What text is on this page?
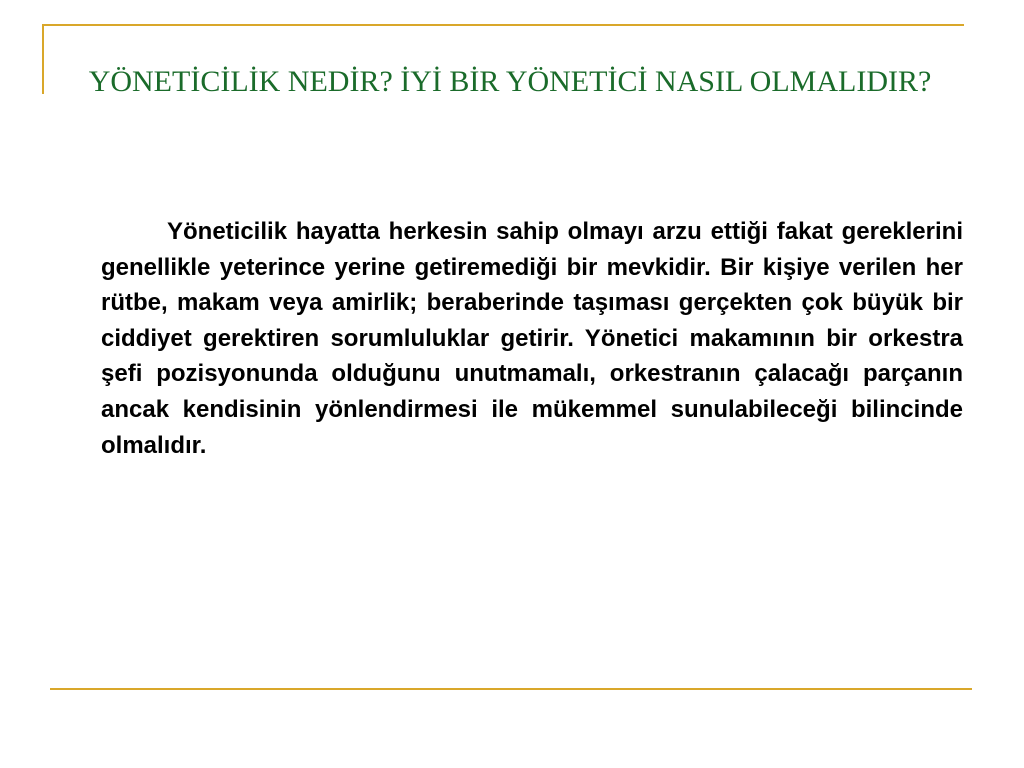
YÖNETİCİLİK NEDİR? İYİ BİR YÖNETİCİ NASIL OLMALIDIR?

Yöneticilik hayatta herkesin sahip olmayı arzu ettiği fakat gereklerini genellikle yeterince yerine getiremediği bir mevkidir. Bir kişiye verilen her rütbe, makam veya amirlik; beraberinde taşıması gerçekten çok büyük bir ciddiyet gerektiren sorumluluklar getirir. Yönetici makamının bir orkestra şefi pozisyonunda olduğunu unutmamalı, orkestranın çalacağı parçanın ancak kendisinin yönlendirmesi ile mükemmel sunulabileceği bilincinde olmalıdır.
